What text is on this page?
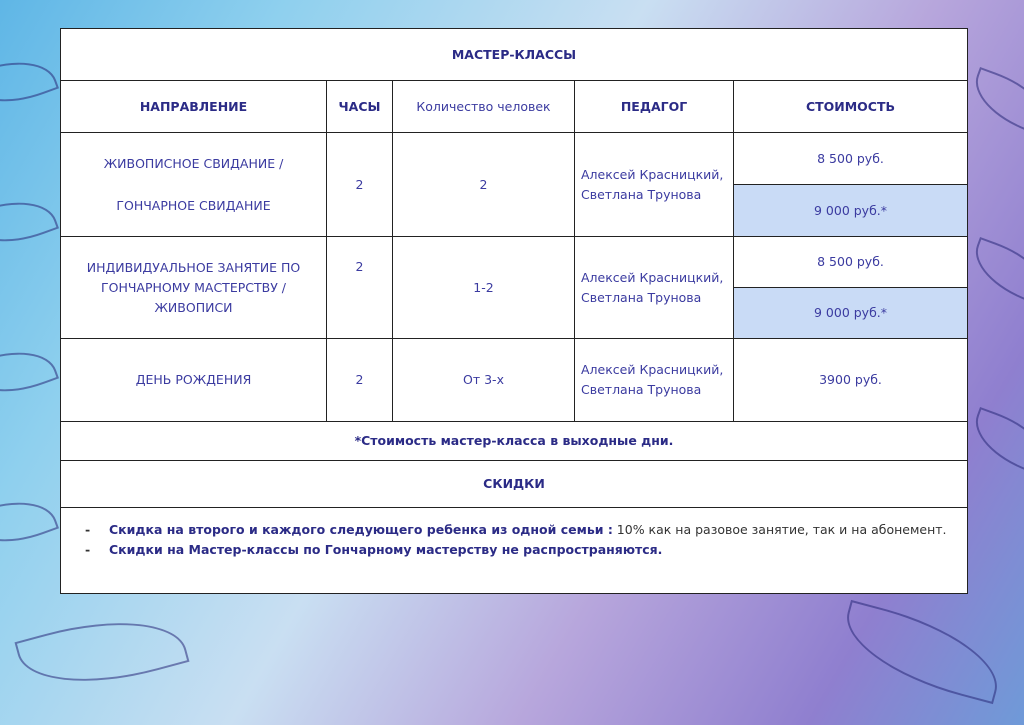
МАСТЕР-КЛАССЫ				
НАПРАВЛЕНИЕ	ЧАСЫ	Количество человек	ПЕДАГОГ	СТОИМОСТЬ

ЖИВОПИСНОЕ СВИДАНИЕ /
ГОНЧАРНОЕ СВИДАНИЕ	2	2	Алексей Красницкий, Светлана Трунова	8 500 руб.
				9 000 руб.*
ИНДИВИДУАЛЬНОЕ ЗАНЯТИЕ ПО ГОНЧАРНОМУ МАСТЕРСТВУ / ЖИВОПИСИ	2	1-2	Алексей Красницкий, Светлана Трунова	8 500 руб.
				9 000 руб.*
ДЕНЬ РОЖДЕНИЯ	2	От 3-х	Алексей Красницкий, Светлана Трунова	3900 руб.
*Стоимость мастер-класса в выходные дни.				
СКИДКИ				

- Скидка на второго и каждого следующего ребенка из одной семьи : 10% как на разовое занятие, так и на абонемент.
- Скидки на Мастер-классы по Гончарному мастерству не распространяются.
